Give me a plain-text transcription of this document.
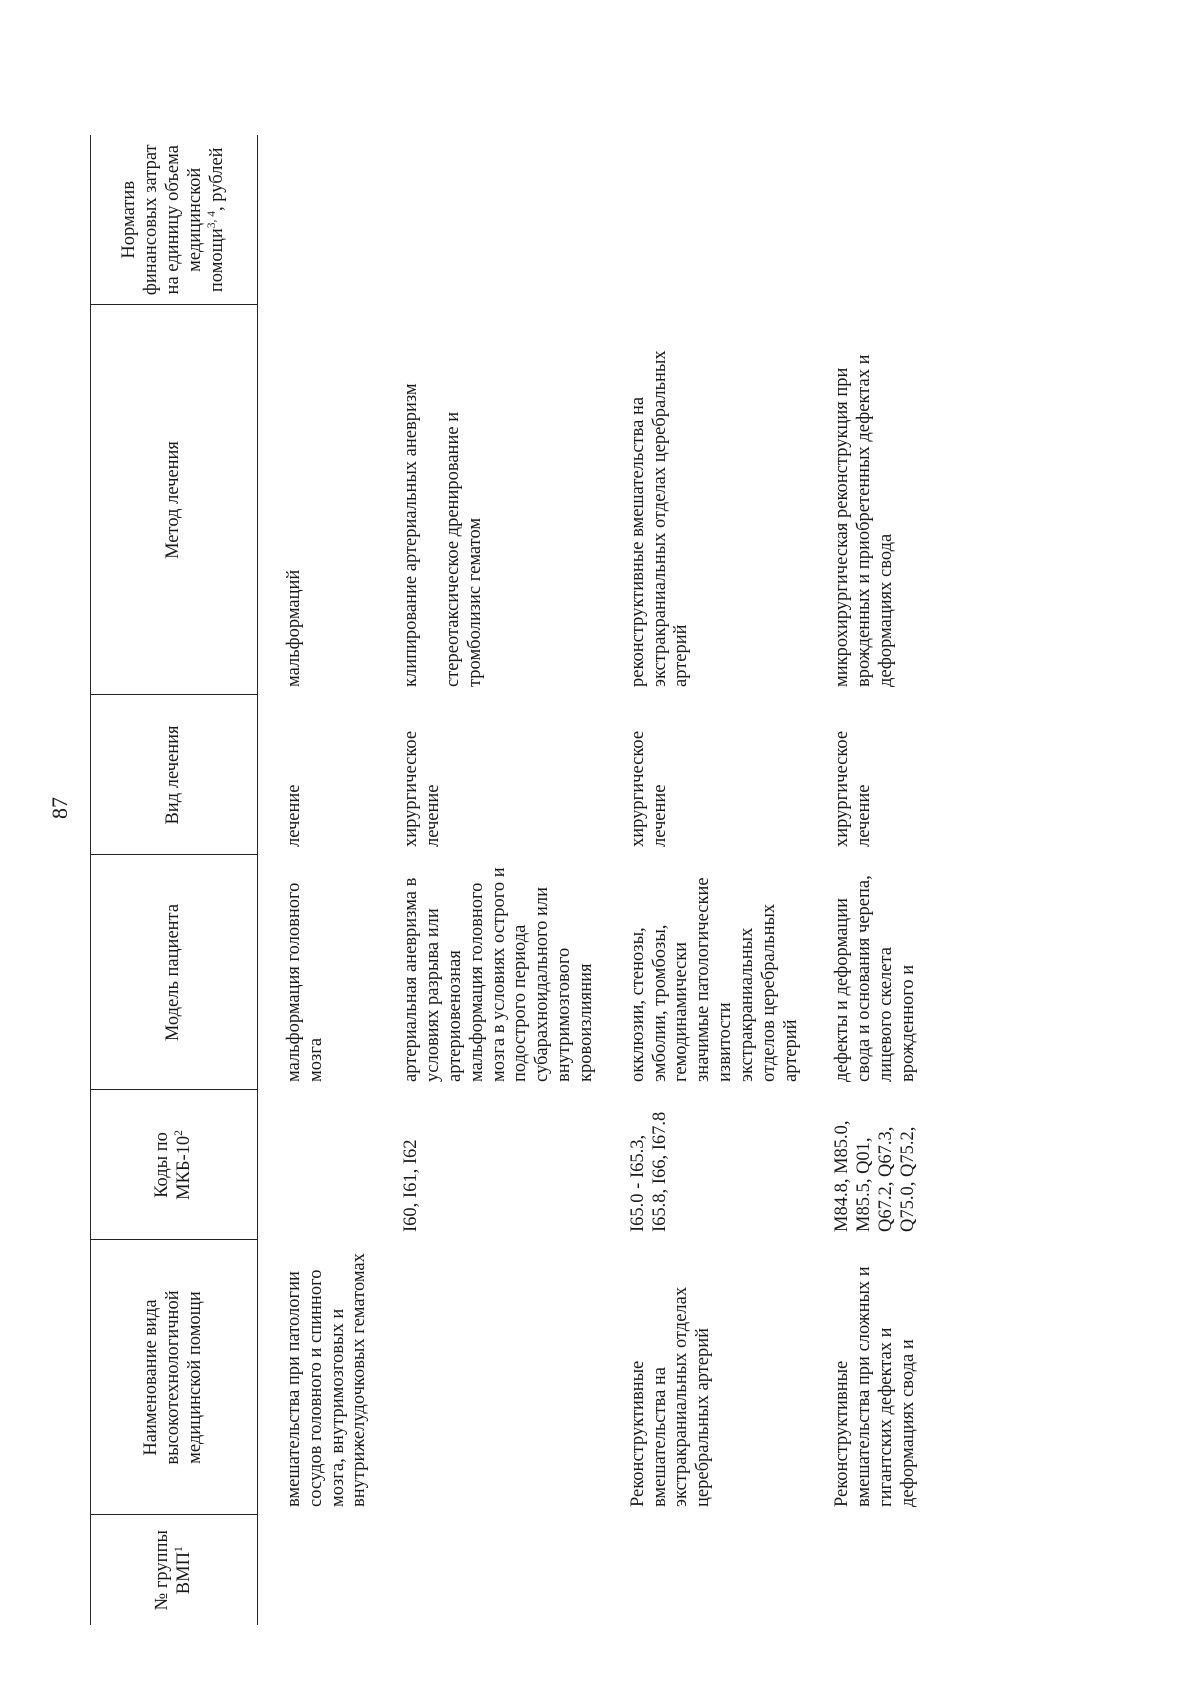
87
№ группы ВМП$^1$	Наименование вида высокотехнологичной медицинской помощи	Коды по МКБ-$10^2$	Модель пациента	Вид лечения	Метод лечения	Норматив финансовых затрат на единицу объема медицинской помощи$^{3, 4}$, рублей
	вмешательства при патологии сосудов головного и спинного мозга, внутримозговых и внутрижелудочковых гематомах		мальформация головного мозга	лечение	мальформаций	

		I60, I61, I62	артериальная аневризма в условиях разрыва или артериовенозная мальформация головного мозга в условиях острого и подострого периода субарахноидального или внутримозгового кровоизлияния	хирургическое лечение	клипирование артериальных аневризм стереотаксическое дренирование и тромболизис гематом	

	Реконструктивные вмешательства на экстракраниальных отделах церебральных артерий	I65.0 - I65.3, I65.8, I66, I67.8	окклюзии, стенозы, эмболии, тромбозы, гемодинамически значимые патологические извитости экстракраниальных отделов церебральных артерий	хирургическое лечение	реконструктивные вмешательства на экстракраниальных отделах церебральных артерий	

	Реконструктивные вмешательства при сложных и гигантских дефектах и деформациях свода и	M84.8, M85.0, M85.5, Q01, Q67.2, Q67.3, Q75.0, Q75.2,	дефекты и деформации свода и основания черепа, лицевого скелета врожденного и	хирургическое лечение	микрохирургическая реконструкция при врожденных и приобретенных дефектах и деформациях свода	
